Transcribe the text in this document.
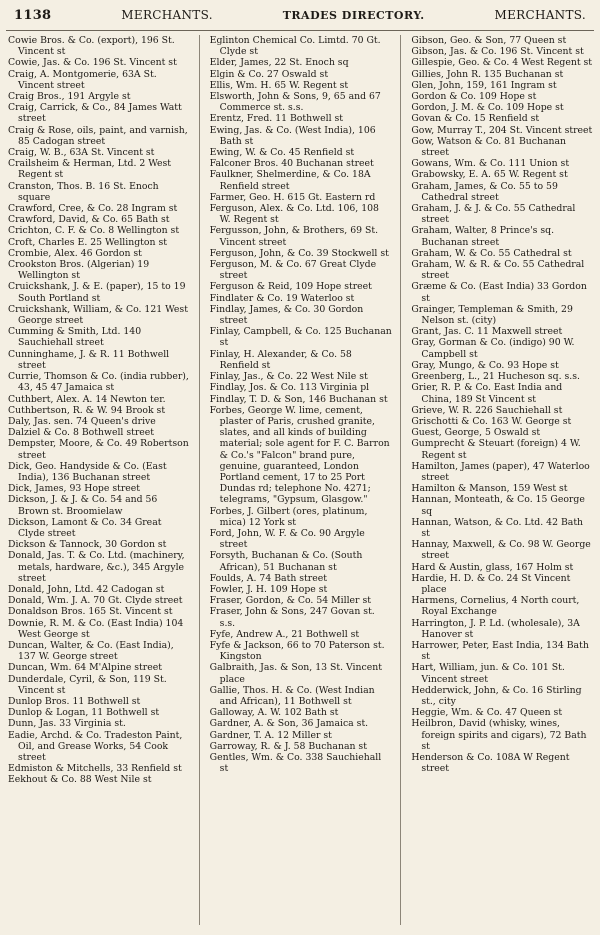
1138	MERCHANTS.	TRADES DIRECTORY.	MERCHANTS.

Cowie Bros. & Co. (export), 196 St. Vincent st

Cowie, Jas. & Co. 196 St. Vincent st

Craig, A. Montgomerie, 63A St. Vincent street

Craig Bros., 191 Argyle st

Craig, Carrick, & Co., 84 James Watt street

Craig & Rose, oils, paint, and varnish, 85 Cadogan street

Craig, W. B., 63A St. Vincent st

Crailsheim & Herman, Ltd. 2 West Regent st

Cranston, Thos. B. 16 St. Enoch square

Crawford, Cree, & Co. 28 Ingram st

Crawford, David, & Co. 65 Bath st

Crichton, C. F. & Co. 8 Wellington st

Croft, Charles E. 25 Wellington st

Crombie, Alex. 46 Gordon st

Crookston Bros. (Algerian) 19 Wellington st

Cruickshank, J. & E. (paper), 15 to 19 South Portland st

Cruickshank, William, & Co. 121 West George street

Cumming & Smith, Ltd. 140 Sauchiehall street

Cunninghame, J. & R. 11 Bothwell street

Currie, Thomson & Co. (india rubber), 43, 45 47 Jamaica st

Cuthbert, Alex. A. 14 Newton ter.

Cuthbertson, R. & W. 94 Brook st

Daly, Jas. sen. 74 Queen's drive

Dalziel & Co. 8 Bothwell street

Dempster, Moore, & Co. 49 Robertson street

Dick, Geo. Handyside & Co. (East India), 136 Buchanan street

Dick, James, 93 Hope street

Dickson, J. & J. & Co. 54 and 56 Brown st. Broomielaw

Dickson, Lamont & Co. 34 Great Clyde street

Dickson & Tannock, 30 Gordon st

Donald, Jas. T. & Co. Ltd. (machinery, metals, hardware, &c.), 345 Argyle street

Donald, John, Ltd. 42 Cadogan st

Donald, Wm. J. A. 70 Gt. Clyde street

Donaldson Bros. 165 St. Vincent st

Downie, R. M. & Co. (East India) 104 West George st

Duncan, Walter, & Co. (East India), 137 W. George street

Duncan, Wm. 64 M'Alpine street

Dunderdale, Cyril, & Son, 119 St. Vincent st

Dunlop Bros. 11 Bothwell st

Dunlop & Logan, 11 Bothwell st

Dunn, Jas. 33 Virginia st.

Eadie, Archd. & Co. Tradeston Paint, Oil, and Grease Works, 54 Cook street

Edmiston & Mitchells, 33 Renfield st

Eekhout & Co. 88 West Nile st

Eglinton Chemical Co. Limtd. 70 Gt. Clyde st

Elder, James, 22 St. Enoch sq

Elgin & Co. 27 Oswald st

Ellis, Wm. H. 65 W. Regent st

Elsworth, John & Sons, 9, 65 and 67 Commerce st. s.s.

Erentz, Fred. 11 Bothwell st

Ewing, Jas. & Co. (West India), 106 Bath st

Ewing, W. & Co. 45 Renfield st

Falconer Bros. 40 Buchanan street

Faulkner, Shelmerdine, & Co. 18A Renfield street

Farmer, Geo. H. 615 Gt. Eastern rd

Ferguson, Alex. & Co. Ltd. 106, 108 W. Regent st

Fergusson, John, & Brothers, 69 St. Vincent street

Ferguson, John, & Co. 39 Stockwell st

Ferguson, M. & Co. 67 Great Clyde street

Ferguson & Reid, 109 Hope street

Findlater & Co. 19 Waterloo st

Findlay, James, & Co. 30 Gordon street

Finlay, Campbell, & Co. 125 Buchanan st

Finlay, H. Alexander, & Co. 58 Renfield st

Finlay, Jas., & Co. 22 West Nile st

Findlay, Jos. & Co. 113 Virginia pl

Findlay, T. D. & Son, 146 Buchanan st

Forbes, George W. lime, cement, plaster of Paris, crushed granite, slates, and all kinds of building material; sole agent for F. C. Barron & Co.'s "Falcon" brand pure, genuine, guaranteed, London Portland cement, 17 to 25 Port Dundas rd; telephone No. 4271; telegrams, "Gypsum, Glasgow."

Forbes, J. Gilbert (ores, platinum, mica) 12 York st

Ford, John, W. F. & Co. 90 Argyle street

Forsyth, Buchanan & Co. (South African), 51 Buchanan st

Foulds, A. 74 Bath street

Fowler, J. H. 109 Hope st

Fraser, Gordon, & Co. 54 Miller st

Fraser, John & Sons, 247 Govan st. s.s.

Fyfe, Andrew A., 21 Bothwell st

Fyfe & Jackson, 66 to 70 Paterson st. Kingston

Galbraith, Jas. & Son, 13 St. Vincent place

Gallie, Thos. H. & Co. (West Indian and African), 11 Bothwell st

Galloway, A. W. 102 Bath st

Gardner, A. & Son, 36 Jamaica st.

Gardner, T. A. 12 Miller st

Garroway, R. & J. 58 Buchanan st

Gentles, Wm. & Co. 338 Sauchiehall st

Gibson, Geo. & Son, 77 Queen st

Gibson, Jas. & Co. 196 St. Vincent st

Gillespie, Geo. & Co. 4 West Regent st

Gillies, John R. 135 Buchanan st

Glen, John, 159, 161 Ingram st

Gordon & Co. 109 Hope st

Gordon, J. M. & Co. 109 Hope st

Govan & Co. 15 Renfield st

Gow, Murray T., 204 St. Vincent street

Gow, Watson & Co. 81 Buchanan street

Gowans, Wm. & Co. 111 Union st

Grabowsky, E. A. 65 W. Regent st

Graham, James, & Co. 55 to 59 Cathedral street

Graham, J. & J. & Co. 55 Cathedral street

Graham, Walter, 8 Prince's sq. Buchanan street

Graham, W. & Co. 55 Cathedral st

Graham, W. & R. & Co. 55 Cathedral street

Græme & Co. (East India) 33 Gordon st

Grainger, Templeman & Smith, 29 Nelson st. (city)

Grant, Jas. C. 11 Maxwell street

Gray, Gorman & Co. (indigo) 90 W. Campbell st

Gray, Mungo, & Co. 93 Hope st

Greenberg, L., 21 Hucheson sq. s.s.

Grier, R. P. & Co. East India and China, 189 St Vincent st

Grieve, W. R. 226 Sauchiehall st

Grischotti & Co. 163 W. George st

Guest, George, 5 Oswald st

Gumprecht & Steuart (foreign) 4 W. Regent st

Hamilton, James (paper), 47 Waterloo street

Hamilton & Manson, 159 West st

Hannan, Monteath, & Co. 15 George sq

Hannan, Watson, & Co. Ltd. 42 Bath st

Hannay, Maxwell, & Co. 98 W. George street

Hard & Austin, glass, 167 Holm st

Hardie, H. D. & Co. 24 St Vincent place

Harmens, Cornelius, 4 North court, Royal Exchange

Harrington, J. P. Ld. (wholesale), 3A Hanover st

Harrower, Peter, East India, 134 Bath st

Hart, William, jun. & Co. 101 St. Vincent street

Hedderwick, John, & Co. 16 Stirling st., city

Heggie, Wm. & Co. 47 Queen st

Heilbron, David (whisky, wines, foreign spirits and cigars), 72 Bath st

Henderson & Co. 108A W Regent street
